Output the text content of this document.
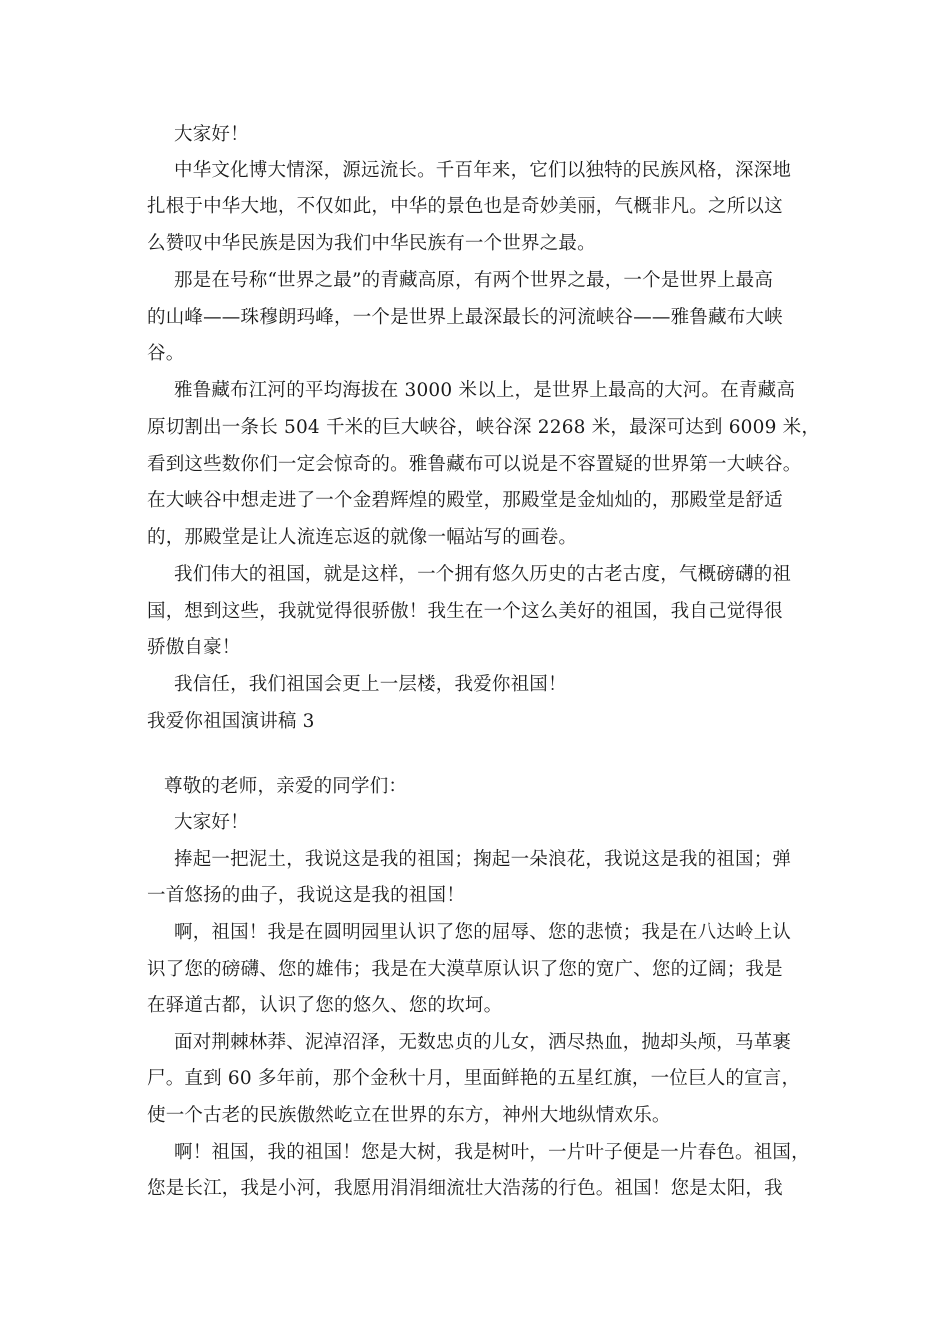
大家好！
中华文化博大情深，源远流长。千百年来，它们以独特的民族风格，深深地
扎根于中华大地，不仅如此，中华的景色也是奇妙美丽，气概非凡。之所以这
么赞叹中华民族是因为我们中华民族有一个世界之最。
那是在号称“世界之最”的青藏高原，有两个世界之最，一个是世界上最高
的山峰——珠穆朗玛峰，一个是世界上最深最长的河流峡谷——雅鲁藏布大峡
谷。
雅鲁藏布江河的平均海拔在 3000 米以上，是世界上最高的大河。在青藏高
原切割出一条长 504 千米的巨大峡谷，峡谷深 2268 米，最深可达到 6009 米，
看到这些数你们一定会惊奇的。雅鲁藏布可以说是不容置疑的世界第一大峡谷。
在大峡谷中想走进了一个金碧辉煌的殿堂，那殿堂是金灿灿的，那殿堂是舒适
的，那殿堂是让人流连忘返的就像一幅站写的画卷。
我们伟大的祖国，就是这样，一个拥有悠久历史的古老古度，气概磅礴的祖
国，想到这些，我就觉得很骄傲！我生在一个这么美好的祖国，我自己觉得很
骄傲自豪！
我信任，我们祖国会更上一层楼，我爱你祖国！
我爱你祖国演讲稿 3
尊敬的老师，亲爱的同学们：
大家好！
捧起一把泥土，我说这是我的祖国；掬起一朵浪花，我说这是我的祖国；弹
一首悠扬的曲子，我说这是我的祖国！
啊，祖国！我是在圆明园里认识了您的屈辱、您的悲愤；我是在八达岭上认
识了您的磅礴、您的雄伟；我是在大漠草原认识了您的宽广、您的辽阔；我是
在驿道古都，认识了您的悠久、您的坎坷。
面对荆棘林莽、泥淖沼泽，无数忠贞的儿女，洒尽热血，抛却头颅，马革裹
尸。直到 60 多年前，那个金秋十月，里面鲜艳的五星红旗，一位巨人的宣言，
使一个古老的民族傲然屹立在世界的东方，神州大地纵情欢乐。
啊！祖国，我的祖国！您是大树，我是树叶，一片叶子便是一片春色。祖国，
您是长江，我是小河，我愿用涓涓细流壮大浩荡的行色。祖国！您是太阳，我
